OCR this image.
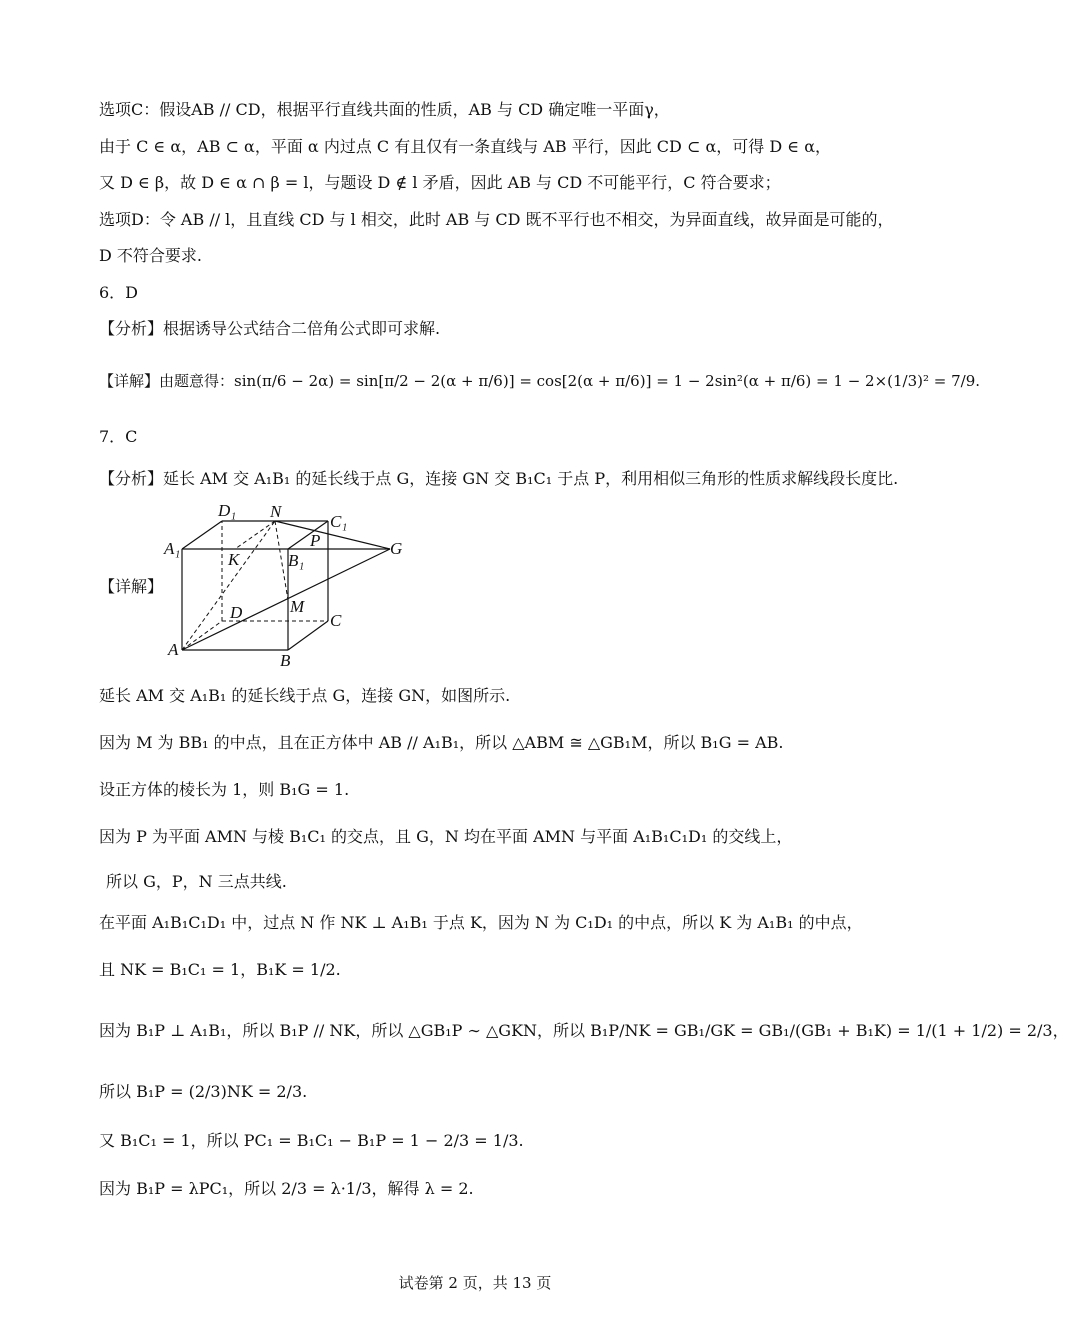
选项C：假设AB // CD，根据平行直线共面的性质，AB 与 CD 确定唯一平面γ，
由于 C ∈ α，AB ⊂ α，平面 α 内过点 C 有且仅有一条直线与 AB 平行，因此 CD ⊂ α，可得 D ∈ α，
又 D ∈ β，故 D ∈ α ∩ β = l，与题设 D ∉ l 矛盾，因此 AB 与 CD 不可能平行，C 符合要求；
选项D：令 AB // l，且直线 CD 与 l 相交，此时 AB 与 CD 既不平行也不相交，为异面直线，故异面是可能的，
D 不符合要求.
6．D
【分析】根据诱导公式结合二倍角公式即可求解.
【详解】由题意得：sin(π/6 − 2α) = sin[π/2 − 2(α + π/6)] = cos[2(α + π/6)] = 1 − 2sin²(α + π/6) = 1 − 2×(1/3)² = 7/9.
7．C
【分析】延长 AM 交 A₁B₁ 的延长线于点 G，连接 GN 交 B₁C₁ 于点 P，利用相似三角形的性质求解线段长度比.
【详解】
D₁ N
C₁
A₁	P	G
K	B₁
M
D	C
A
B
延长 AM 交 A₁B₁ 的延长线于点 G，连接 GN，如图所示.
因为 M 为 BB₁ 的中点，且在正方体中 AB // A₁B₁，所以 △ABM ≅ △GB₁M，所以 B₁G = AB.
设正方体的棱长为 1，则 B₁G = 1.
因为 P 为平面 AMN 与棱 B₁C₁ 的交点，且 G，N 均在平面 AMN 与平面 A₁B₁C₁D₁ 的交线上，
所以 G，P，N 三点共线.
在平面 A₁B₁C₁D₁ 中，过点 N 作 NK ⊥ A₁B₁ 于点 K，因为 N 为 C₁D₁ 的中点，所以 K 为 A₁B₁ 的中点，
且 NK = B₁C₁ = 1，B₁K = 1/2.
因为 B₁P ⊥ A₁B₁，所以 B₁P // NK，所以 △GB₁P ∼ △GKN，所以 B₁P/NK = GB₁/GK = GB₁/(GB₁ + B₁K) = 1/(1 + 1/2) = 2/3，
所以 B₁P = (2/3)NK = 2/3.
又 B₁C₁ = 1，所以 PC₁ = B₁C₁ − B₁P = 1 − 2/3 = 1/3.
因为 B₁P = λPC₁，所以 2/3 = λ·1/3，解得 λ = 2.
试卷第 2 页，共 13 页
